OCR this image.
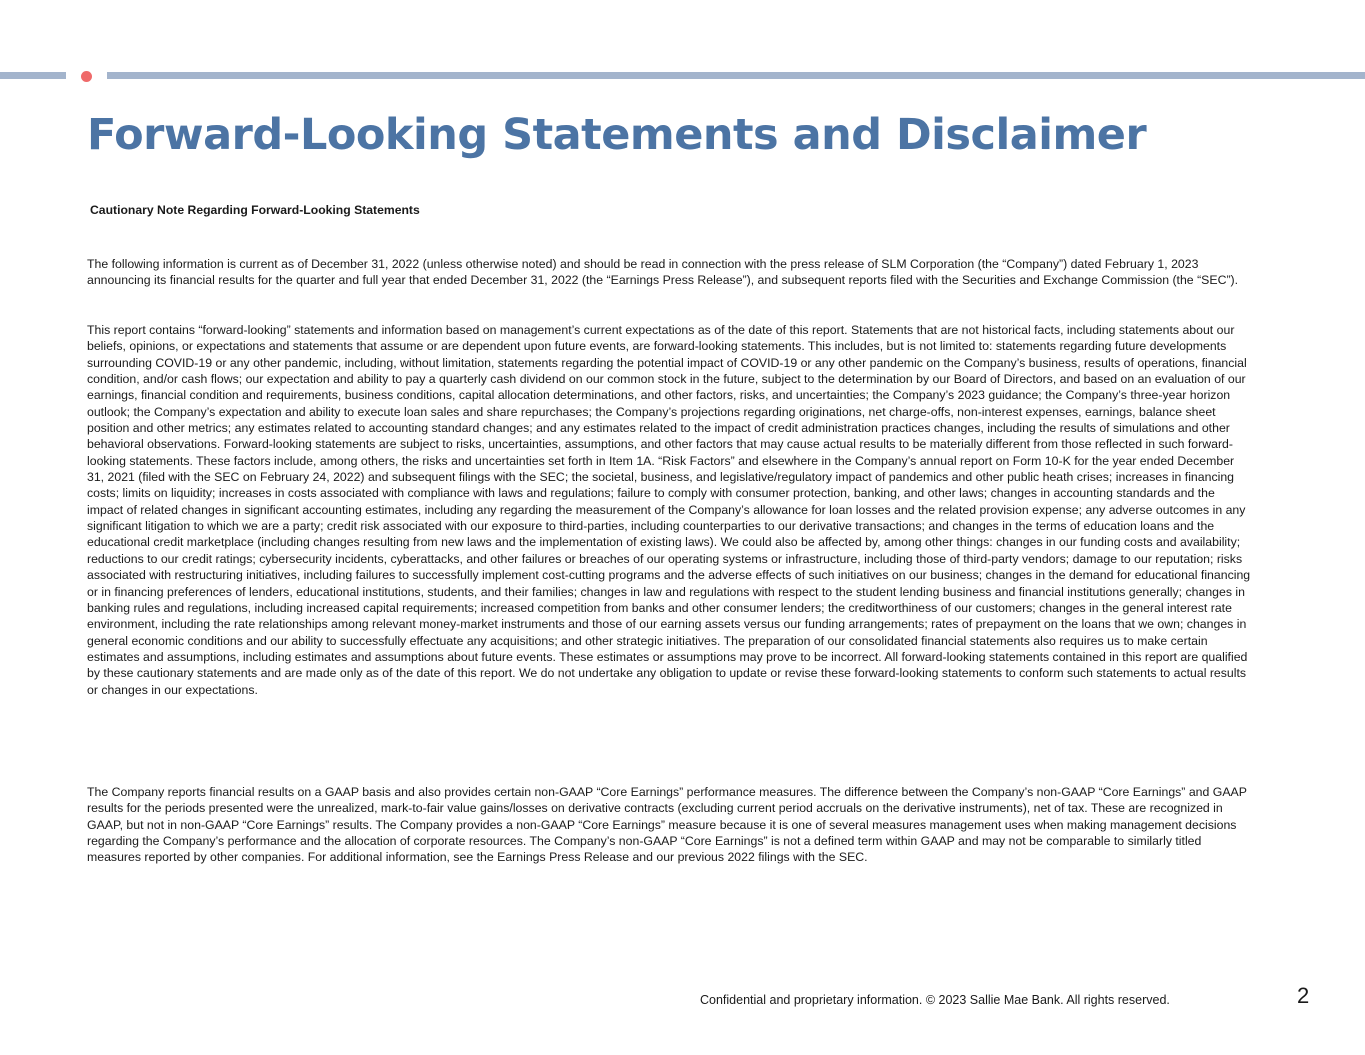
Forward-Looking Statements and Disclaimer
Cautionary Note Regarding Forward-Looking Statements

The following information is current as of December 31, 2022 (unless otherwise noted) and should be read in connection with the press release of SLM Corporation (the “Company”) dated February 1, 2023 announcing its financial results for the quarter and full year that ended December 31, 2022 (the “Earnings Press Release”), and subsequent reports filed with the Securities and Exchange Commission (the “SEC”).

This report contains “forward-looking” statements and information based on management’s current expectations as of the date of this report. Statements that are not historical facts, including statements about our beliefs, opinions, or expectations and statements that assume or are dependent upon future events, are forward-looking statements. This includes, but is not limited to: statements regarding future developments surrounding COVID-19 or any other pandemic, including, without limitation, statements regarding the potential impact of COVID-19 or any other pandemic on the Company’s business, results of operations, financial condition, and/or cash flows; our expectation and ability to pay a quarterly cash dividend on our common stock in the future, subject to the determination by our Board of Directors, and based on an evaluation of our earnings, financial condition and requirements, business conditions, capital allocation determinations, and other factors, risks, and uncertainties; the Company’s 2023 guidance; the Company’s three-year horizon outlook; the Company’s expectation and ability to execute loan sales and share repurchases; the Company’s projections regarding originations, net charge-offs, non-interest expenses, earnings, balance sheet position and other metrics; any estimates related to accounting standard changes; and any estimates related to the impact of credit administration practices changes, including the results of simulations and other behavioral observations. Forward-looking statements are subject to risks, uncertainties, assumptions, and other factors that may cause actual results to be materially different from those reflected in such forward-looking statements. These factors include, among others, the risks and uncertainties set forth in Item 1A. “Risk Factors” and elsewhere in the Company’s annual report on Form 10-K for the year ended December 31, 2021 (filed with the SEC on February 24, 2022) and subsequent filings with the SEC; the societal, business, and legislative/regulatory impact of pandemics and other public heath crises; increases in financing costs; limits on liquidity; increases in costs associated with compliance with laws and regulations; failure to comply with consumer protection, banking, and other laws; changes in accounting standards and the impact of related changes in significant accounting estimates, including any regarding the measurement of the Company’s allowance for loan losses and the related provision expense; any adverse outcomes in any significant litigation to which we are a party; credit risk associated with our exposure to third-parties, including counterparties to our derivative transactions; and changes in the terms of education loans and the educational credit marketplace (including changes resulting from new laws and the implementation of existing laws). We could also be affected by, among other things: changes in our funding costs and availability; reductions to our credit ratings; cybersecurity incidents, cyberattacks, and other failures or breaches of our operating systems or infrastructure, including those of third-party vendors; damage to our reputation; risks associated with restructuring initiatives, including failures to successfully implement cost-cutting programs and the adverse effects of such initiatives on our business; changes in the demand for educational financing or in financing preferences of lenders, educational institutions, students, and their families; changes in law and regulations with respect to the student lending business and financial institutions generally; changes in banking rules and regulations, including increased capital requirements; increased competition from banks and other consumer lenders; the creditworthiness of our customers; changes in the general interest rate environment, including the rate relationships among relevant money-market instruments and those of our earning assets versus our funding arrangements; rates of prepayment on the loans that we own; changes in general economic conditions and our ability to successfully effectuate any acquisitions; and other strategic initiatives. The preparation of our consolidated financial statements also requires us to make certain estimates and assumptions, including estimates and assumptions about future events. These estimates or assumptions may prove to be incorrect. All forward-looking statements contained in this report are qualified by these cautionary statements and are made only as of the date of this report. We do not undertake any obligation to update or revise these forward-looking statements to conform such statements to actual results or changes in our expectations.

The Company reports financial results on a GAAP basis and also provides certain non-GAAP “Core Earnings” performance measures. The difference between the Company’s non-GAAP “Core Earnings” and GAAP results for the periods presented were the unrealized, mark-to-fair value gains/losses on derivative contracts (excluding current period accruals on the derivative instruments), net of tax. These are recognized in GAAP, but not in non-GAAP “Core Earnings” results. The Company provides a non-GAAP “Core Earnings” measure because it is one of several measures management uses when making management decisions regarding the Company’s performance and the allocation of corporate resources. The Company’s non-GAAP “Core Earnings” is not a defined term within GAAP and may not be comparable to similarly titled measures reported by other companies. For additional information, see the Earnings Press Release and our previous 2022 filings with the SEC.

Confidential and proprietary information. © 2023 Sallie Mae Bank. All rights reserved.	2
